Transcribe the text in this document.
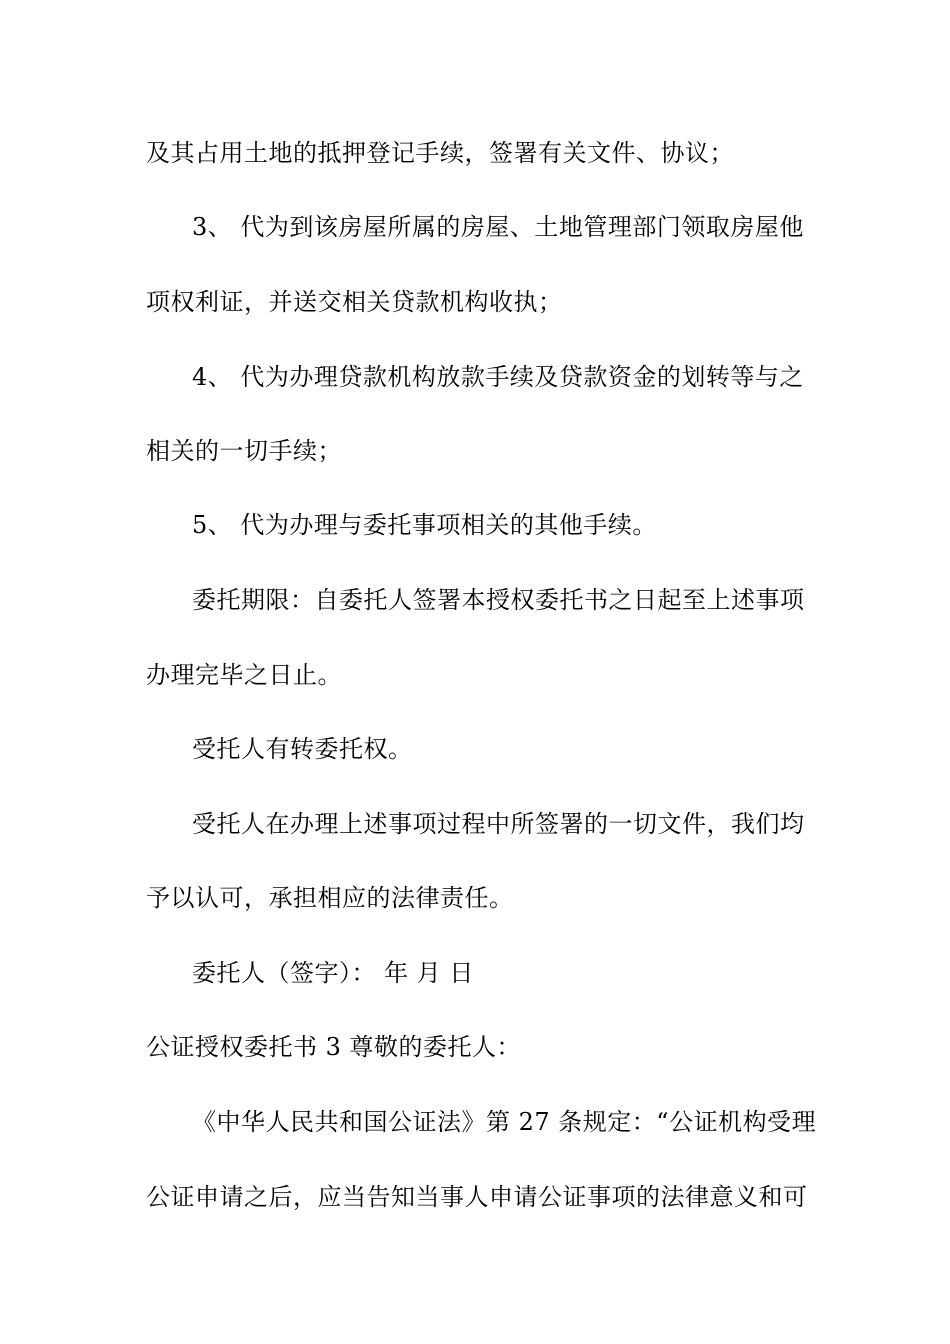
及其占用土地的抵押登记手续，签署有关文件、协议；

3、 代为到该房屋所属的房屋、土地管理部门领取房屋他

项权利证，并送交相关贷款机构收执；

4、 代为办理贷款机构放款手续及贷款资金的划转等与之

相关的一切手续；

5、 代为办理与委托事项相关的其他手续。

委托期限：自委托人签署本授权委托书之日起至上述事项

办理完毕之日止。

受托人有转委托权。

受托人在办理上述事项过程中所签署的一切文件，我们均

予以认可，承担相应的法律责任。

委托人（签字）： 年 月 日

公证授权委托书 3 尊敬的委托人：

《中华人民共和国公证法》第 27 条规定：“公证机构受理

公证申请之后，应当告知当事人申请公证事项的法律意义和可
